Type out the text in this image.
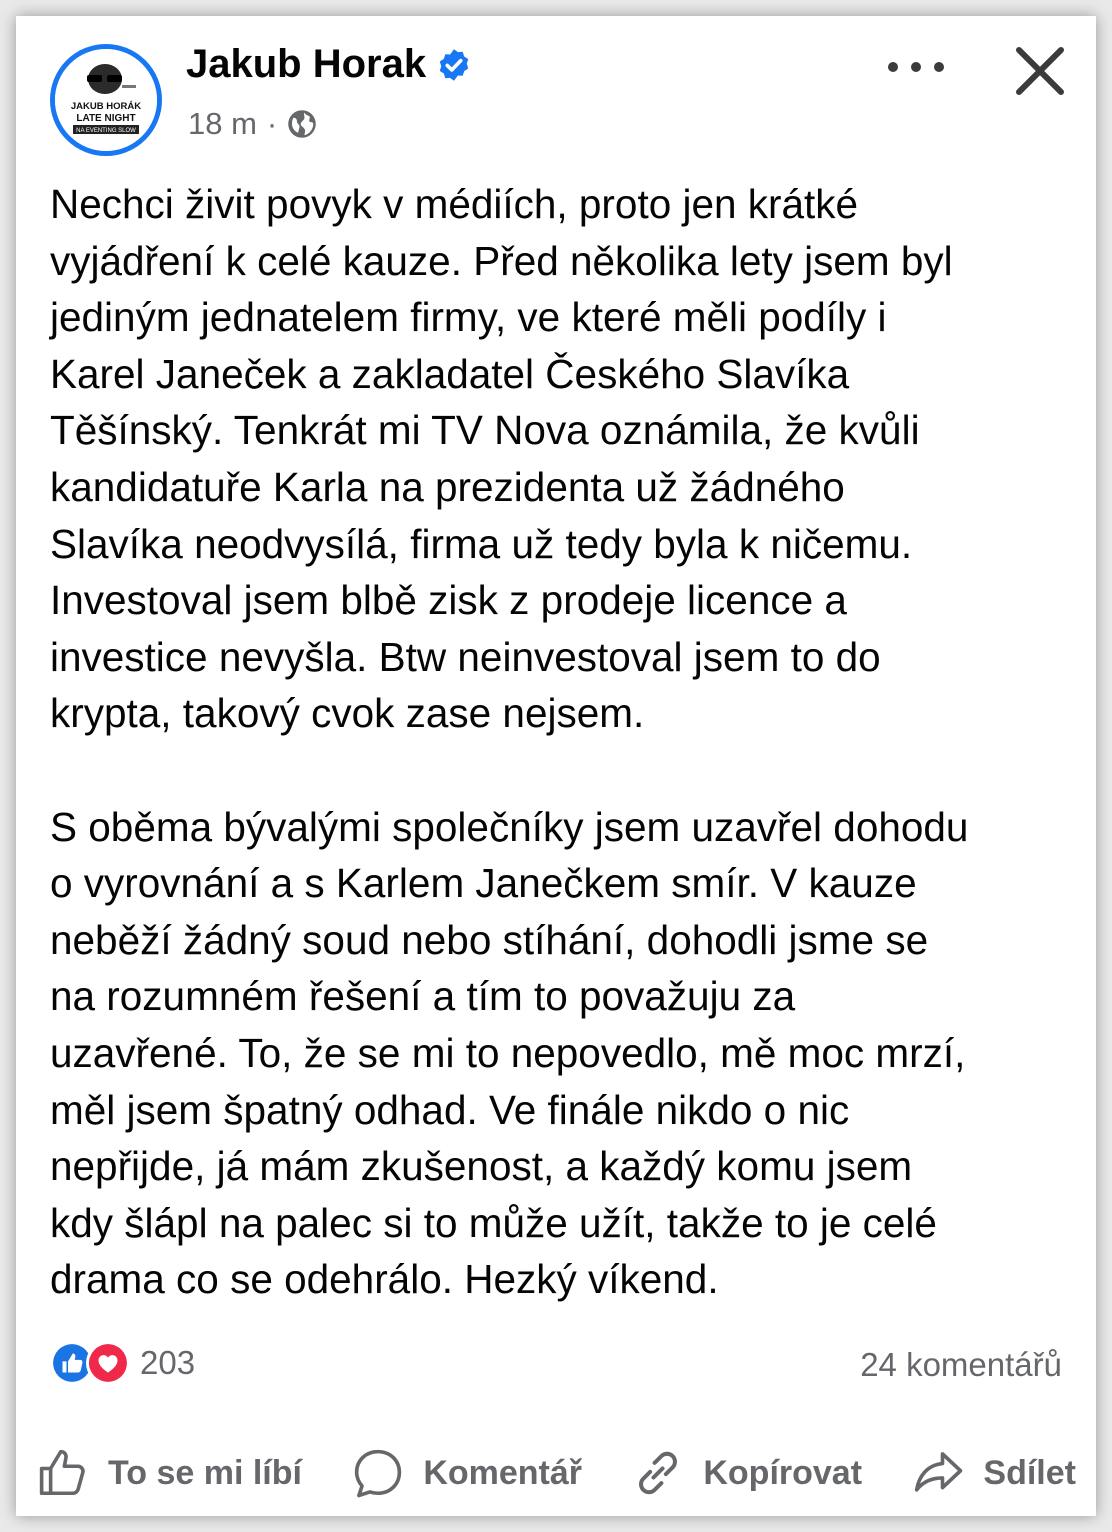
JAKUB HORÁK
LATE NIGHT
NA EVENTING SLOW
Jakub Horak
18 m ·

Nechci živit povyk v médiích, proto jen krátké

vyjádření k celé kauze. Před několika lety jsem byl

jediným jednatelem firmy, ve které měli podíly i

Karel Janeček a zakladatel Českého Slavíka

Těšínský. Tenkrát mi TV Nova oznámila, že kvůli

kandidatuře Karla na prezidenta už žádného

Slavíka neodvysílá, firma už tedy byla k ničemu.

Investoval jsem blbě zisk z prodeje licence a

investice nevyšla. Btw neinvestoval jsem to do

krypta, takový cvok zase nejsem.

S oběma bývalými společníky jsem uzavřel dohodu

o vyrovnání a s Karlem Janečkem smír. V kauze

neběží žádný soud nebo stíhání, dohodli jsme se

na rozumném řešení a tím to považuju za

uzavřené. To, že se mi to nepovedlo, mě moc mrzí,

měl jsem špatný odhad. Ve finále nikdo o nic

nepřijde, já mám zkušenost, a každý komu jsem

kdy šlápl na palec si to může užít, takže to je celé

drama co se odehrálo. Hezký víkend.

203	24 komentářů
To se mi líbí	Komentář	Kopírovat	Sdílet
